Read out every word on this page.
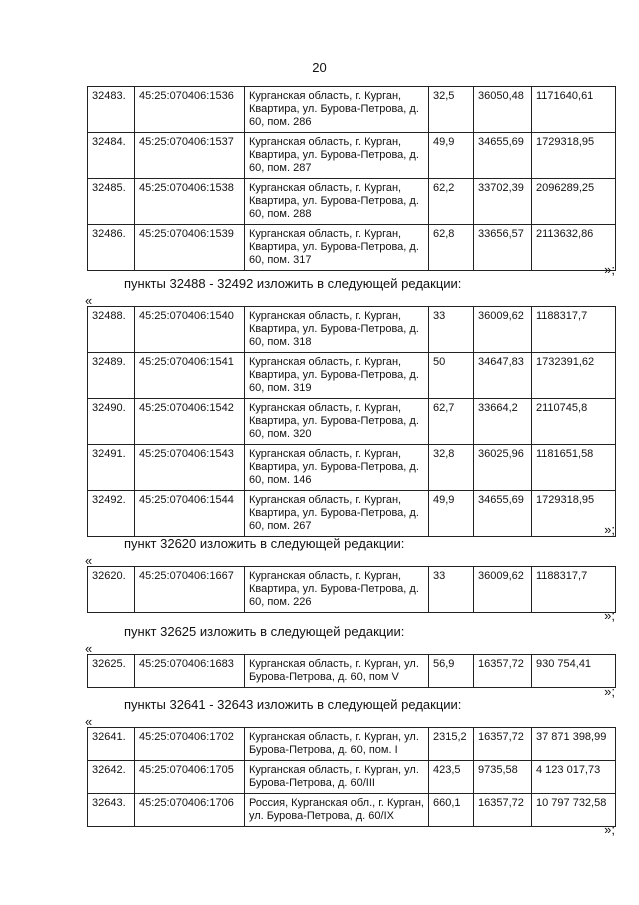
20
32483.	45:25:070406:1536	Курганская область, г. Курган, Квартира, ул. Бурова-Петрова, д. 60, пом. 286	32,5	36050,48	1171640,61
32484.	45:25:070406:1537	Курганская область, г. Курган, Квартира, ул. Бурова-Петрова, д. 60, пом. 287	49,9	34655,69	1729318,95
32485.	45:25:070406:1538	Курганская область, г. Курган, Квартира, ул. Бурова-Петрова, д. 60, пом. 288	62,2	33702,39	2096289,25
32486.	45:25:070406:1539	Курганская область, г. Курган, Квартира, ул. Бурова-Петрова, д. 60, пом. 317	62,8	33656,57	2113632,86
»;
пункты 32488 - 32492 изложить в следующей редакции:
«
32488.	45:25:070406:1540	Курганская область, г. Курган, Квартира, ул. Бурова-Петрова, д. 60, пом. 318	33	36009,62	1188317,7
32489.	45:25:070406:1541	Курганская область, г. Курган, Квартира, ул. Бурова-Петрова, д. 60, пом. 319	50	34647,83	1732391,62
32490.	45:25:070406:1542	Курганская область, г. Курган, Квартира, ул. Бурова-Петрова, д. 60, пом. 320	62,7	33664,2	2110745,8
32491.	45:25:070406:1543	Курганская область, г. Курган, Квартира, ул. Бурова-Петрова, д. 60, пом. 146	32,8	36025,96	1181651,58
32492.	45:25:070406:1544	Курганская область, г. Курган, Квартира, ул. Бурова-Петрова, д. 60, пом. 267	49,9	34655,69	1729318,95
»;
пункт 32620 изложить в следующей редакции:
«
32620.	45:25:070406:1667	Курганская область, г. Курган, Квартира, ул. Бурова-Петрова, д. 60, пом. 226	33	36009,62	1188317,7
»;
пункт 32625 изложить в следующей редакции:
«
32625.	45:25:070406:1683	Курганская область, г. Курган, ул. Бурова-Петрова, д. 60, пом V	56,9	16357,72	930 754,41
»;
пункты 32641 - 32643 изложить в следующей редакции:
«
32641.	45:25:070406:1702	Курганская область, г. Курган, ул. Бурова-Петрова, д. 60, пом. I	2315,2	16357,72	37 871 398,99
32642.	45:25:070406:1705	Курганская область, г. Курган, ул. Бурова-Петрова, д. 60/III	423,5	9735,58	4 123 017,73
32643.	45:25:070406:1706	Россия, Курганская обл., г. Курган, ул. Бурова-Петрова, д. 60/IX	660,1	16357,72	10 797 732,58
»;
